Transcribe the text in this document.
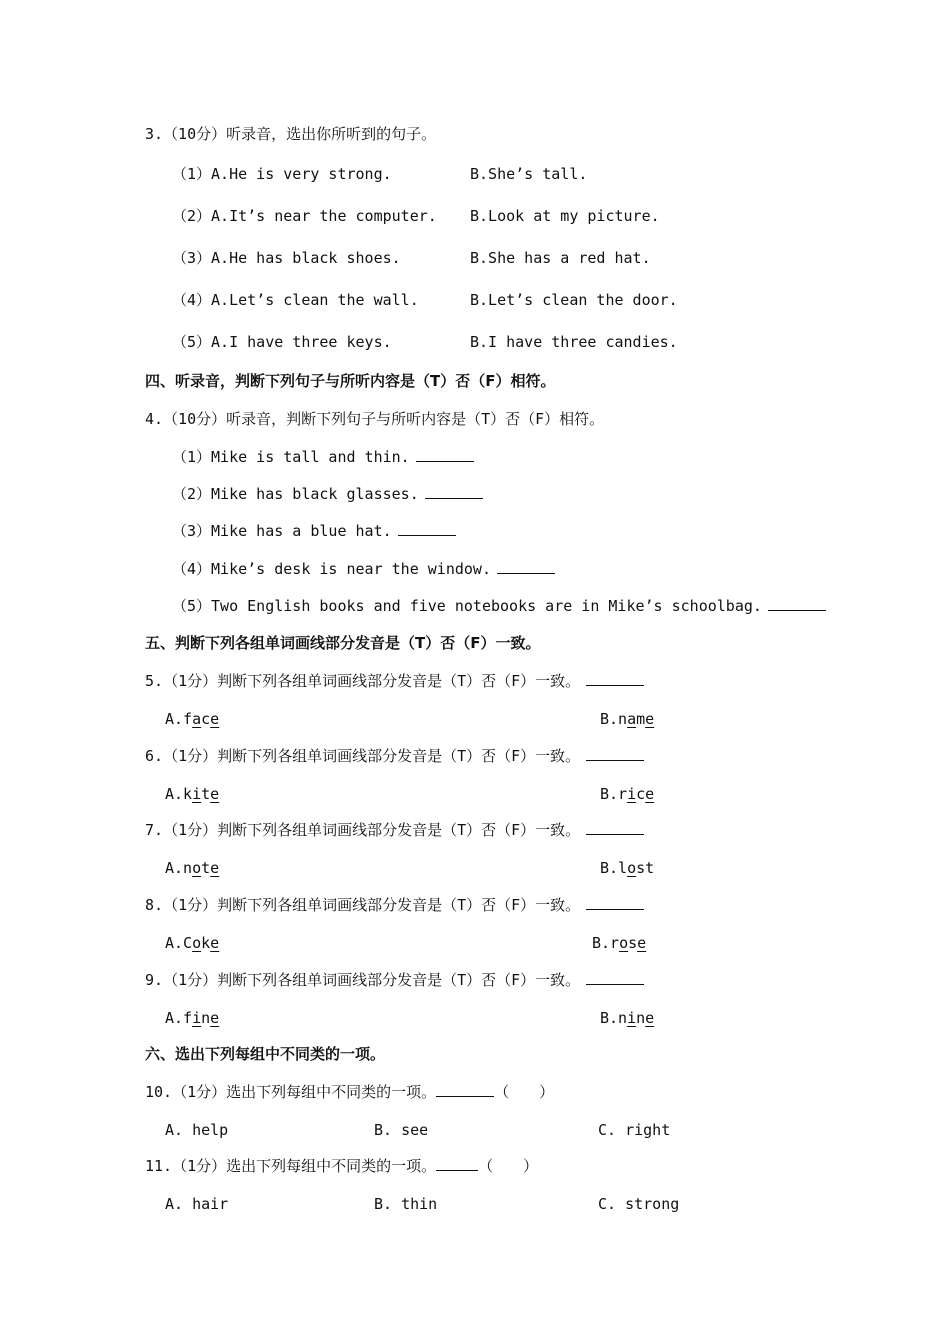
3.（10分）听录音，选出你所听到的句子。
（1）A.He is very strong.	B.She’s tall.
（2）A.It’s near the computer. B.Look at my picture.
（3）A.He has black shoes.	B.She has a red hat.
（4）A.Let’s clean the wall.	B.Let’s clean the door.
（5）A.I have three keys.	B.I have three candies.
四、听录音，判断下列句子与所听内容是（T）否（F）相符。
4.（10分）听录音，判断下列句子与所听内容是（T）否（F）相符。
（1）Mike is tall and thin.
（2）Mike has black glasses.
（3）Mike has a blue hat.
（4）Mike’s desk is near the window.
（5）Two English books and five notebooks are in Mike’s schoolbag.
五、判断下列各组单词画线部分发音是（T）否（F）一致。
5.（1分）判断下列各组单词画线部分发音是（T）否（F）一致。
A.face	B.name
6.（1分）判断下列各组单词画线部分发音是（T）否（F）一致。
A.kite	B.rice
7.（1分）判断下列各组单词画线部分发音是（T）否（F）一致。
A.note	B.lost
8.（1分）判断下列各组单词画线部分发音是（T）否（F）一致。
A.Coke	B.rose
9.（1分）判断下列各组单词画线部分发音是（T）否（F）一致。
A.fine	B.nine
六、选出下列每组中不同类的一项。
10.（1分）选出下列每组中不同类的一项。	（　　）
A. help	B. see	C. right
11.（1分）选出下列每组中不同类的一项。	（　　）
A. hair	B. thin	C. strong
